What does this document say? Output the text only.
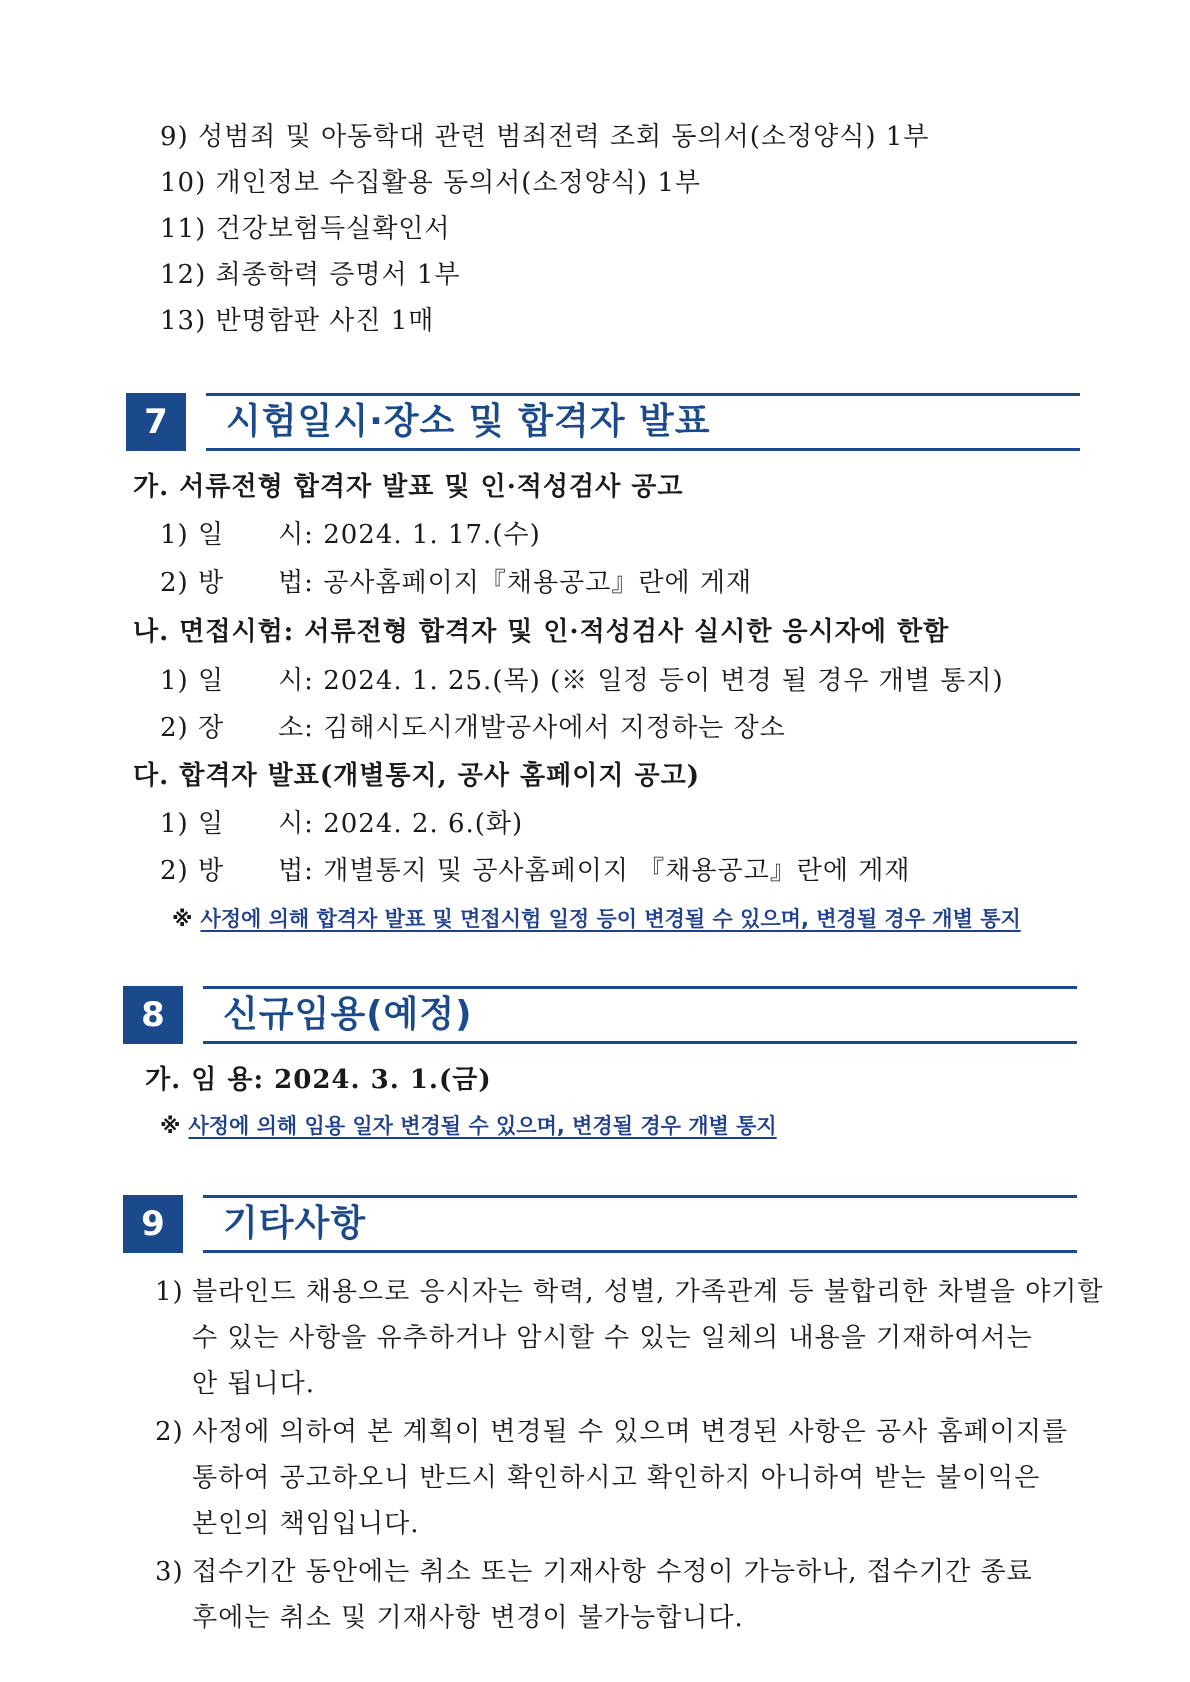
9) 성범죄 및 아동학대 관련 범죄전력 조회 동의서(소정양식) 1부
10) 개인정보 수집활용 동의서(소정양식) 1부
11) 건강보험득실확인서
12) 최종학력 증명서 1부
13) 반명함판 사진 1매
7	시험일시·장소 및 합격자 발표
가. 서류전형 합격자 발표 및 인·적성검사 공고
1) 일　　시: 2024. 1. 17.(수)
2) 방　　법: 공사홈페이지『채용공고』란에 게재
나. 면접시험: 서류전형 합격자 및 인·적성검사 실시한 응시자에 한함
1) 일　　시: 2024. 1. 25.(목) (※ 일정 등이 변경 될 경우 개별 통지)
2) 장　　소: 김해시도시개발공사에서 지정하는 장소
다. 합격자 발표(개별통지, 공사 홈페이지 공고)
1) 일　　시: 2024. 2. 6.(화)
2) 방　　법: 개별통지 및 공사홈페이지 『채용공고』란에 게재
※ 사정에 의해 합격자 발표 및 면접시험 일정 등이 변경될 수 있으며, 변경될 경우 개별 통지
8	신규임용(예정)
가. 임 용: 2024. 3. 1.(금)
※ 사정에 의해 임용 일자 변경될 수 있으며, 변경될 경우 개별 통지
9	기타사항
1) 블라인드 채용으로 응시자는 학력, 성별, 가족관계 등 불합리한 차별을 야기할
수 있는 사항을 유추하거나 암시할 수 있는 일체의 내용을 기재하여서는
안 됩니다.
2) 사정에 의하여 본 계획이 변경될 수 있으며 변경된 사항은 공사 홈페이지를
통하여 공고하오니 반드시 확인하시고 확인하지 아니하여 받는 불이익은
본인의 책임입니다.
3) 접수기간 동안에는 취소 또는 기재사항 수정이 가능하나, 접수기간 종료
후에는 취소 및 기재사항 변경이 불가능합니다.
